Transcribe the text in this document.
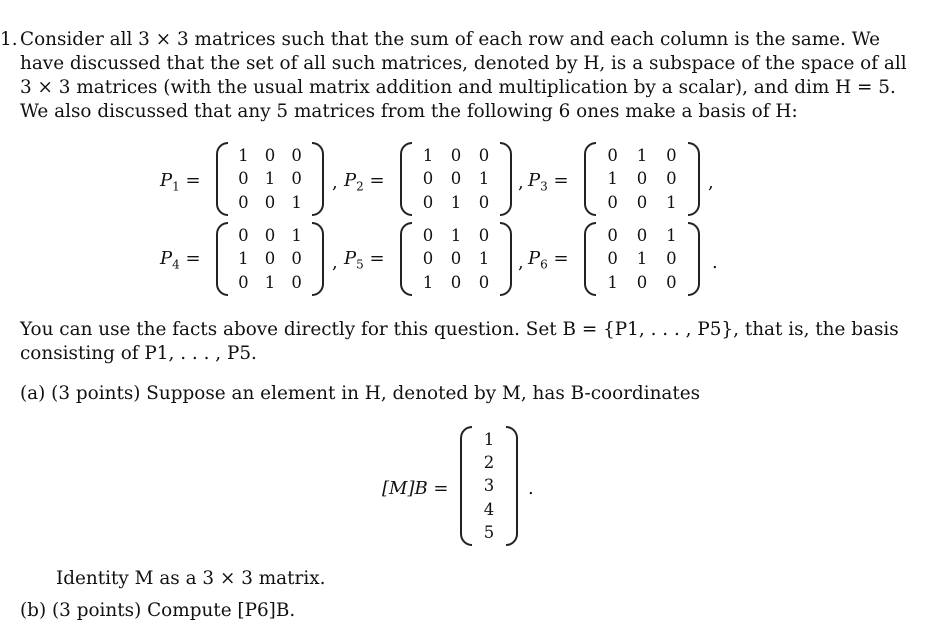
1. Consider all 3 × 3 matrices such that the sum of each row and each column is the same. We
have discussed that the set of all such matrices, denoted by H, is a subspace of the space of all
3 × 3 matrices (with the usual matrix addition and multiplication by a scalar), and dim H = 5.
We also discussed that any 5 matrices from the following 6 ones make a basis of H:
$P_1$ =
1 0 0
0 1 0
0 0 1
, $P_2$ =
1	0	0
0	0	1
0	1	0
, $P_3$ =
0	1	0
1	0	0
0	0	1
,
$P_4$ =
0 0 1
1 0 0
0 1 0
, $P_5$ =
0	1	0
0	0	1
1	0	0
, $P_6$ =
0	0	1
0	1	0
1	0	0
.
You can use the facts above directly for this question. Set B = {P1, . . . , P5}, that is, the basis
consisting of P1, . . . , P5.
(a) (3 points) Suppose an element in H, denoted by M, has B-coordinates
[M]B =
1
2
3
4
5
.
Identity M as a 3 × 3 matrix.
(b) (3 points) Compute [P6]B.
